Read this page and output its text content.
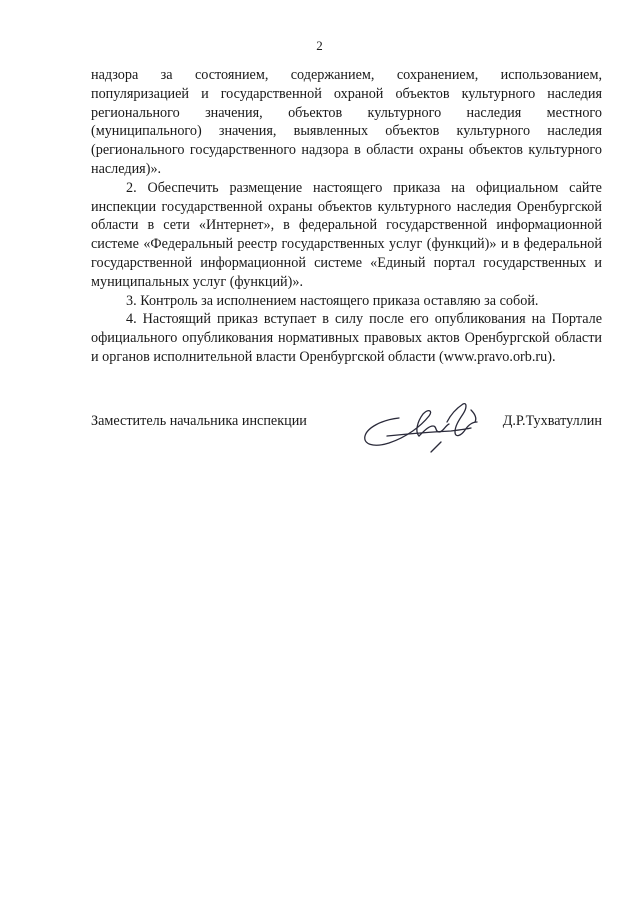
2

надзора за состоянием, содержанием, сохранением, использованием, популяризацией и государственной охраной объектов культурного наследия регионального значения, объектов культурного наследия местного (муниципального) значения, выявленных объектов культурного наследия (регионального государственного надзора в области охраны объектов культурного наследия)».

2. Обеспечить размещение настоящего приказа на официальном сайте инспекции государственной охраны объектов культурного наследия Оренбургской области в сети «Интернет», в федеральной государственной информационной системе «Федеральный реестр государственных услуг (функций)» и в федеральной государственной информационной системе «Единый портал государственных и муниципальных услуг (функций)».

3. Контроль за исполнением настоящего приказа оставляю за собой.

4. Настоящий приказ вступает в силу после его опубликования на Портале официального опубликования нормативных правовых актов Оренбургской области и органов исполнительной власти Оренбургской области (www.pravo.orb.ru).

Заместитель начальника инспекции	Д.Р.Тухватуллин
